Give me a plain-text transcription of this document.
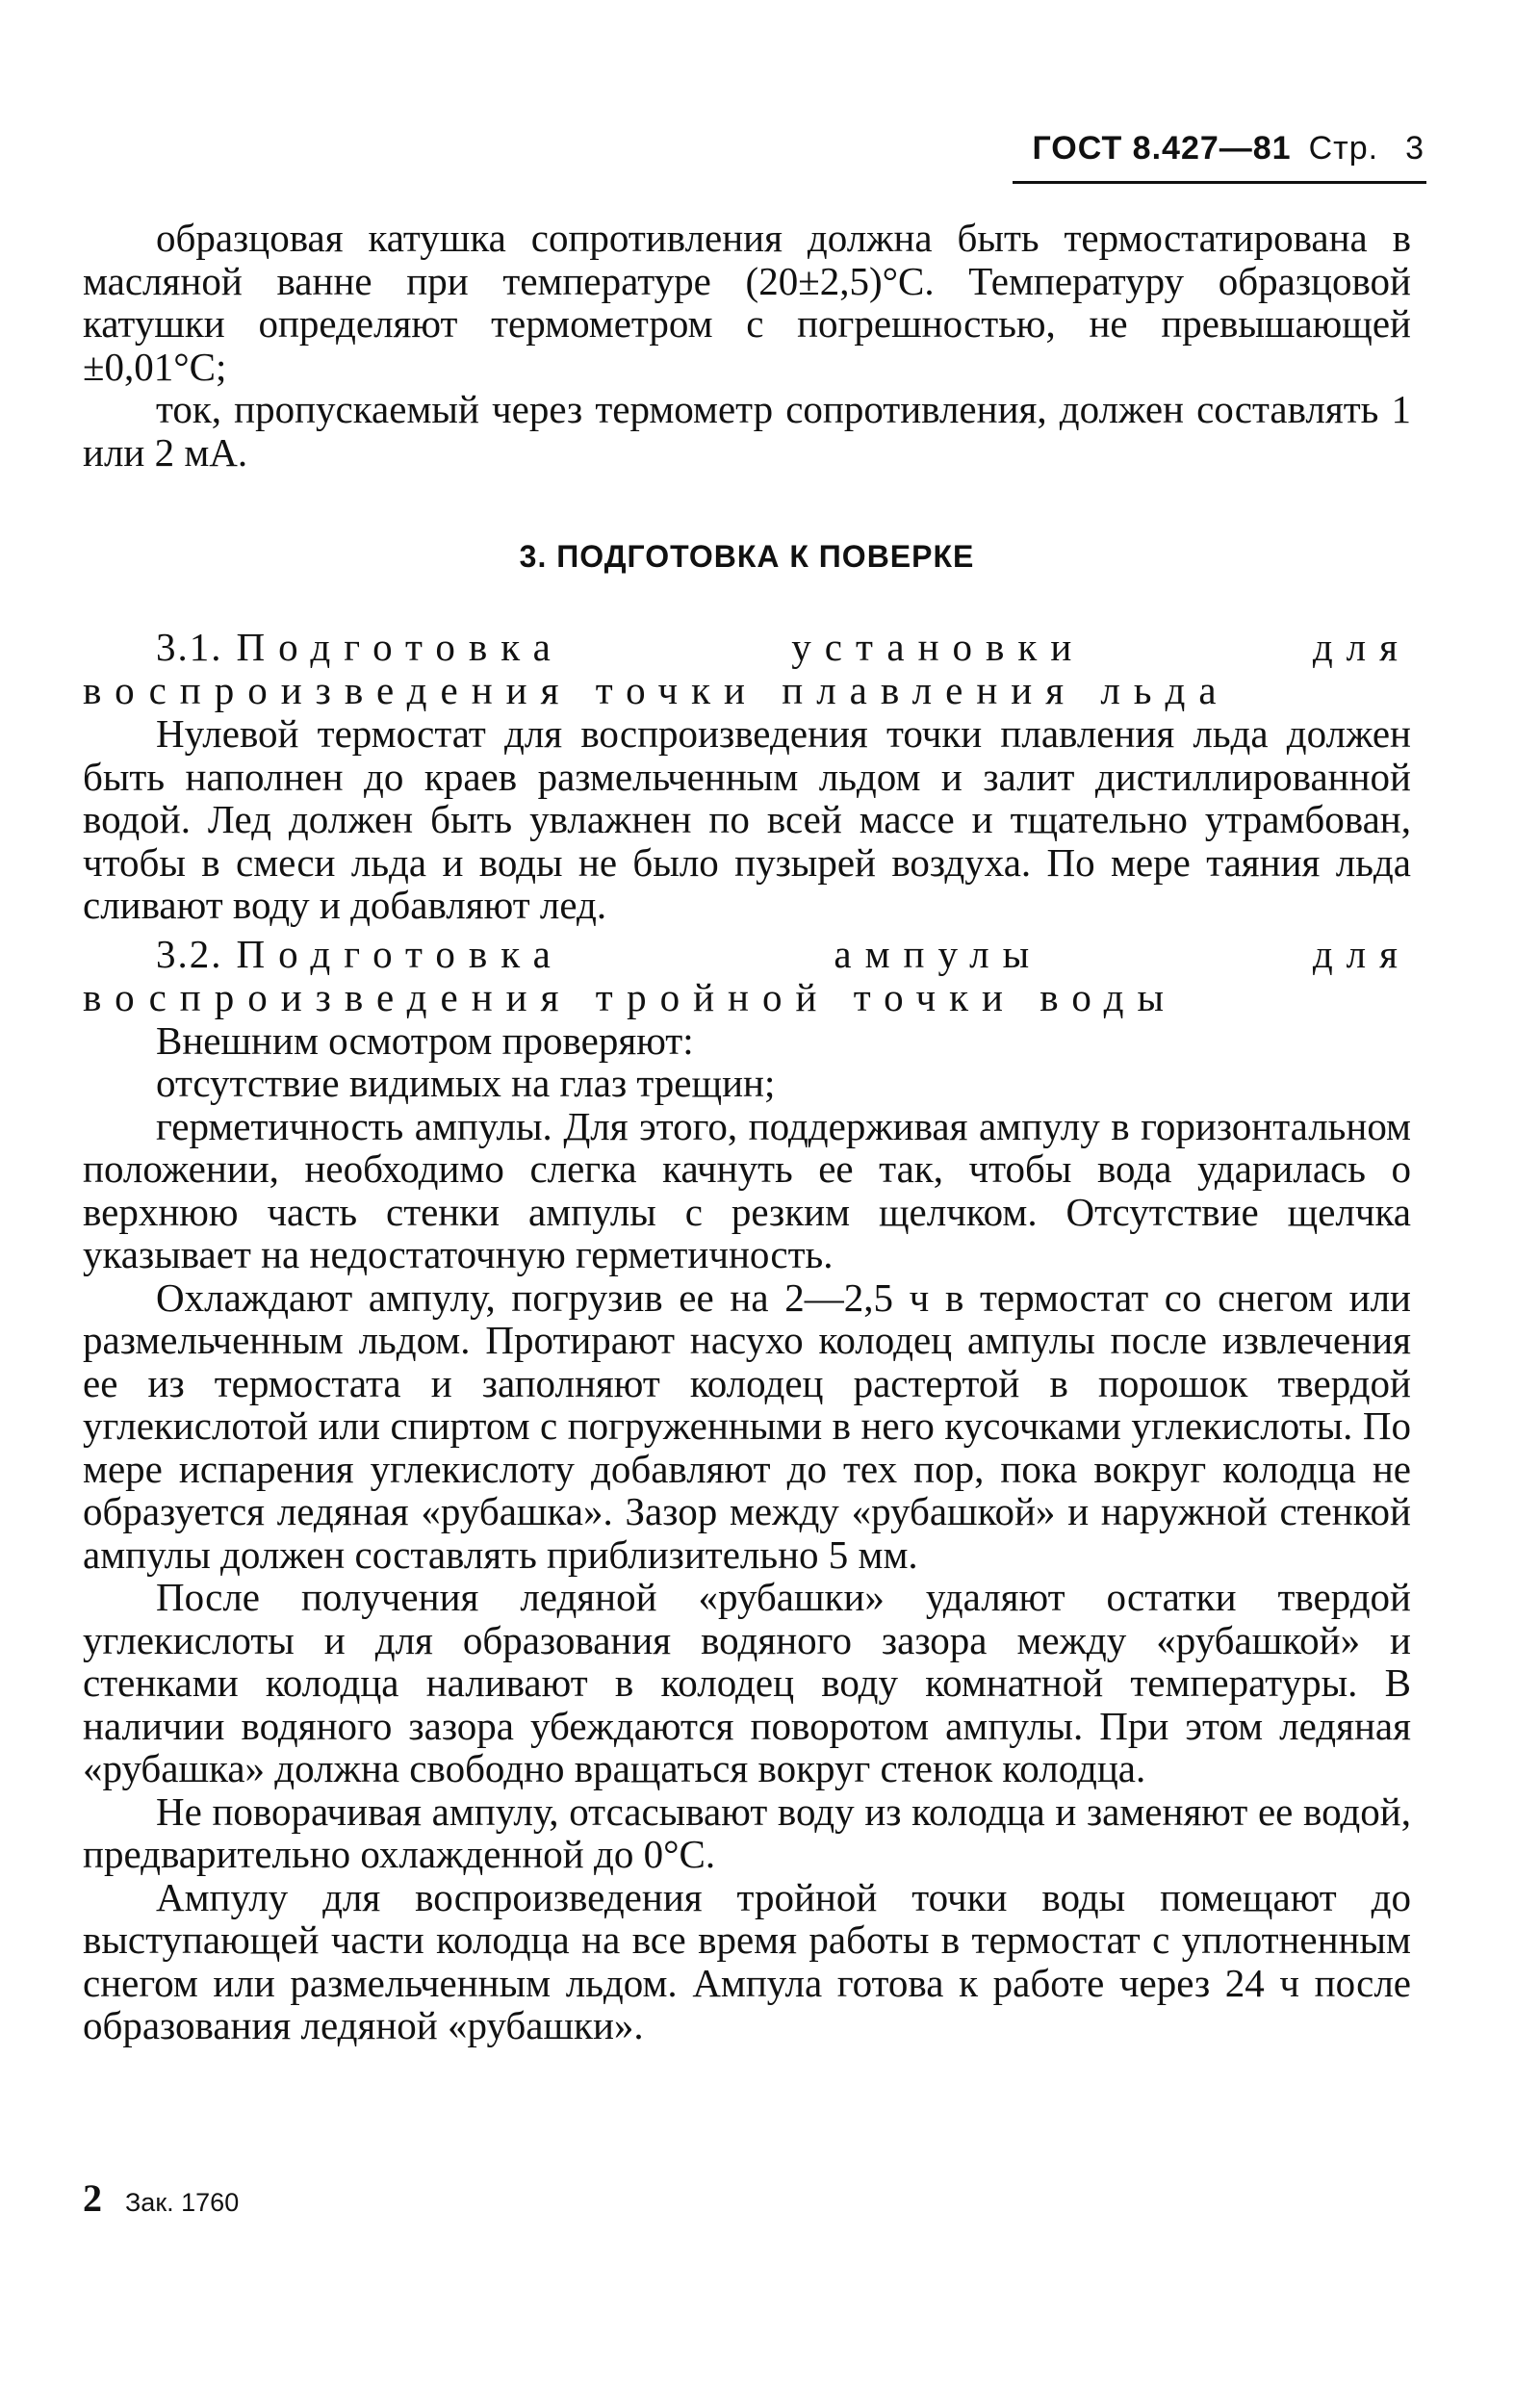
ГОСТ 8.427—81 Стр. 3

образцовая катушка сопротивления должна быть термостатирована в масляной ванне при температуре (20±2,5)°С. Температуру образцовой катушки определяют термометром с погрешностью, не превышающей ±0,01°С;

ток, пропускаемый через термометр сопротивления, должен составлять 1 или 2 мА.

3. ПОДГОТОВКА К ПОВЕРКЕ

3.1. Подготовка установки для воспроизведения точки плавления льда

Нулевой термостат для воспроизведения точки плавления льда должен быть наполнен до краев размельченным льдом и залит дистиллированной водой. Лед должен быть увлажнен по всей массе и тщательно утрамбован, чтобы в смеси льда и воды не было пузырей воздуха. По мере таяния льда сливают воду и добавляют лед.

3.2. Подготовка ампулы для воспроизведения тройной точки воды

Внешним осмотром проверяют:

отсутствие видимых на глаз трещин;

герметичность ампулы. Для этого, поддерживая ампулу в горизонтальном положении, необходимо слегка качнуть ее так, чтобы вода ударилась о верхнюю часть стенки ампулы с резким щелчком. Отсутствие щелчка указывает на недостаточную герметичность.

Охлаждают ампулу, погрузив ее на 2—2,5 ч в термостат со снегом или размельченным льдом. Протирают насухо колодец ампулы после извлечения ее из термостата и заполняют колодец растертой в порошок твердой углекислотой или спиртом с погруженными в него кусочками углекислоты. По мере испарения углекислоту добавляют до тех пор, пока вокруг колодца не образуется ледяная «рубашка». Зазор между «рубашкой» и наружной стенкой ампулы должен составлять приблизительно 5 мм.

После получения ледяной «рубашки» удаляют остатки твердой углекислоты и для образования водяного зазора между «рубашкой» и стенками колодца наливают в колодец воду комнатной температуры. В наличии водяного зазора убеждаются поворотом ампулы. При этом ледяная «рубашка» должна свободно вращаться вокруг стенок колодца.

Не поворачивая ампулу, отсасывают воду из колодца и заменяют ее водой, предварительно охлажденной до 0°С.

Ампулу для воспроизведения тройной точки воды помещают до выступающей части колодца на все время работы в термостат с уплотненным снегом или размельченным льдом. Ампула готова к работе через 24 ч после образования ледяной «рубашки».

2 Зак. 1760
